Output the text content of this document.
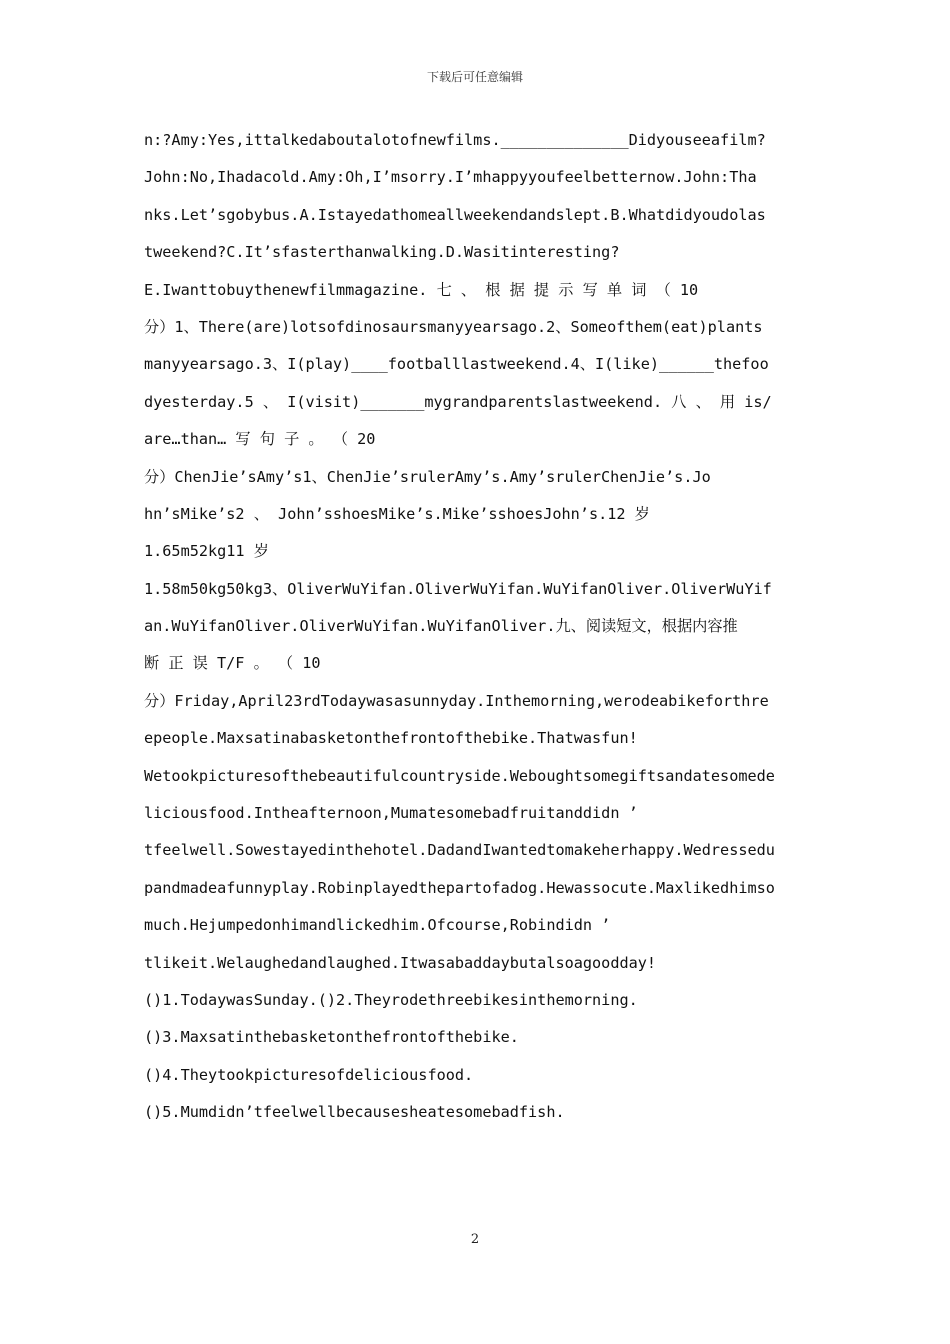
下载后可任意编辑
n:?Amy:Yes,ittalkedaboutalotofnewfilms.______________Didyouseeafilm?
John:No,Ihadacold.Amy:Oh,I’msorry.I’mhappyyoufeelbetternow.John:Tha
nks.Let’sgobybus.A.Istayedathomeallweekendandslept.B.Whatdidyoudolas
tweekend?C.It’sfasterthanwalking.D.Wasitinteresting?
E.Iwanttobuythenewfilmmagazine. 七 、 根 据 提 示 写 单 词 （ 10
分）1、There(are)lotsofdinosaursmanyyearsago.2、Someofthem(eat)plants
manyyearsago.3、I(play)____footballlastweekend.4、I(like)______thefoo
dyesterday.5 、 I(visit)_______mygrandparentslastweekend. 八 、 用 is/
are…than… 写 句 子 。 （ 20
分）ChenJie’sAmy’s1、ChenJie’srulerAmy’s.Amy’srulerChenJie’s.Jo
hn’sMike’s2 、 John’sshoesMike’s.Mike’sshoesJohn’s.12 岁
1.65m52kg11 岁
1.58m50kg50kg3、OliverWuYifan.OliverWuYifan.WuYifanOliver.OliverWuYif
an.WuYifanOliver.OliverWuYifan.WuYifanOliver.九、阅读短文，根据内容推
断 正 误 T/F 。 （ 10
分）Friday,April23rdTodaywasasunnyday.Inthemorning,werodeabikeforthre
epeople.Maxsatinabasketonthefrontofthebike.Thatwasfun!
Wetookpicturesofthebeautifulcountryside.Weboughtsomegiftsandatesomede
liciousfood.Intheafternoon,Mumatesomebadfruitanddidn ’
tfeelwell.Sowestayedinthehotel.DadandIwantedtomakeherhappy.Wedressedu
pandmadeafunnyplay.Robinplayedthepartofadog.Hewassocute.Maxlikedhimso
much.Hejumpedonhimandlickedhim.Ofcourse,Robindidn ’
tlikeit.Welaughedandlaughed.Itwasabaddaybutalsoagoodday!
()1.TodaywasSunday.()2.Theyrodethreebikesinthemorning.
()3.Maxsatinthebasketonthefrontofthebike.
()4.Theytookpicturesofdeliciousfood.
()5.Mumdidn’tfeelwellbecausesheatesomebadfish.
2
